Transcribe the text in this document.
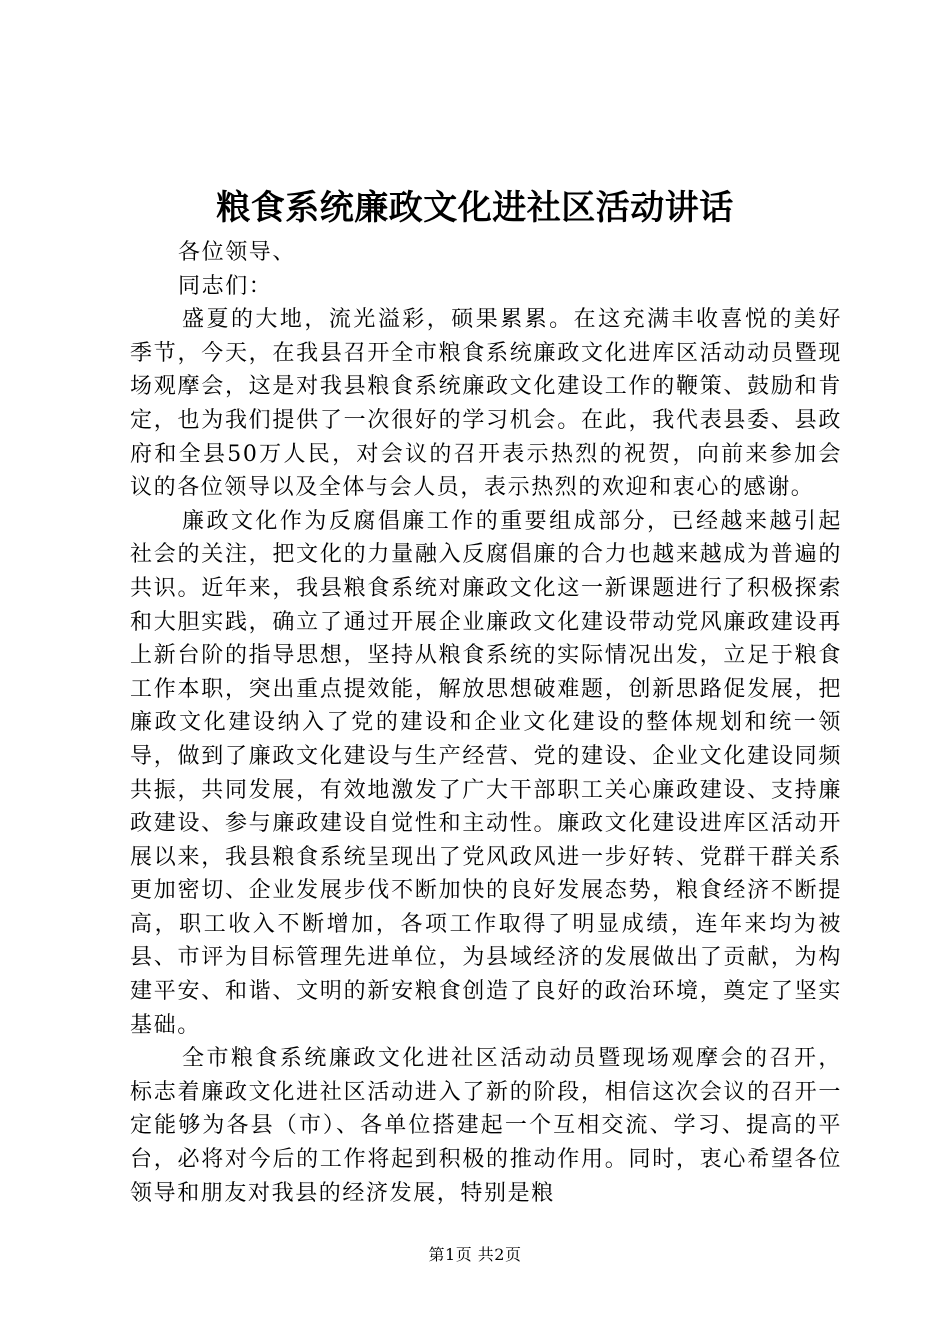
粮食系统廉政文化进社区活动讲话

各位领导、

同志们：

盛夏的大地，流光溢彩，硕果累累。在这充满丰收喜悦的美好季节，今天，在我县召开全市粮食系统廉政文化进库区活动动员暨现场观摩会，这是对我县粮食系统廉政文化建设工作的鞭策、鼓励和肯定，也为我们提供了一次很好的学习机会。在此，我代表县委、县政府和全县50万人民，对会议的召开表示热烈的祝贺，向前来参加会议的各位领导以及全体与会人员，表示热烈的欢迎和衷心的感谢。

廉政文化作为反腐倡廉工作的重要组成部分，已经越来越引起社会的关注，把文化的力量融入反腐倡廉的合力也越来越成为普遍的共识。近年来，我县粮食系统对廉政文化这一新课题进行了积极探索和大胆实践，确立了通过开展企业廉政文化建设带动党风廉政建设再上新台阶的指导思想，坚持从粮食系统的实际情况出发，立足于粮食工作本职，突出重点提效能，解放思想破难题，创新思路促发展，把廉政文化建设纳入了党的建设和企业文化建设的整体规划和统一领导，做到了廉政文化建设与生产经营、党的建设、企业文化建设同频共振，共同发展，有效地激发了广大干部职工关心廉政建设、支持廉政建设、参与廉政建设自觉性和主动性。廉政文化建设进库区活动开展以来，我县粮食系统呈现出了党风政风进一步好转、党群干群关系更加密切、企业发展步伐不断加快的良好发展态势，粮食经济不断提高，职工收入不断增加，各项工作取得了明显成绩，连年来均为被县、市评为目标管理先进单位，为县域经济的发展做出了贡献，为构建平安、和谐、文明的新安粮食创造了良好的政治环境，奠定了坚实基础。

全市粮食系统廉政文化进社区活动动员暨现场观摩会的召开，标志着廉政文化进社区活动进入了新的阶段，相信这次会议的召开一定能够为各县（市）、各单位搭建起一个互相交流、学习、提高的平台，必将对今后的工作将起到积极的推动作用。同时，衷心希望各位领导和朋友对我县的经济发展，特别是粮

第1页 共2页
